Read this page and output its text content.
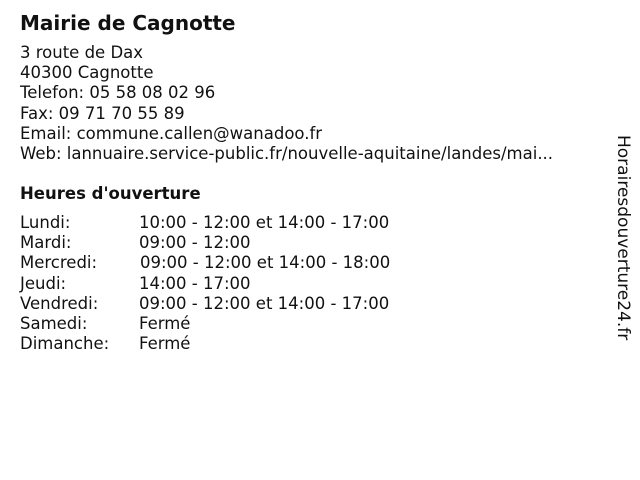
Mairie de Cagnotte
3 route de Dax
40300 Cagnotte
Telefon: 05 58 08 02 96
Fax: 09 71 70 55 89
Email: commune.callen@wanadoo.fr
Web: lannuaire.service-public.fr/nouvelle-aquitaine/landes/mai...
Heures d'ouverture
Lundi:	10:00 - 12:00 et 14:00 - 17:00
Mardi:	09:00 - 12:00
Mercredi:	09:00 - 12:00 et 14:00 - 18:00
Jeudi:	14:00 - 17:00
Vendredi: 09:00 - 12:00 et 14:00 - 17:00
Samedi:	Fermé
Dimanche: Fermé
Horairesdouverture24.fr
